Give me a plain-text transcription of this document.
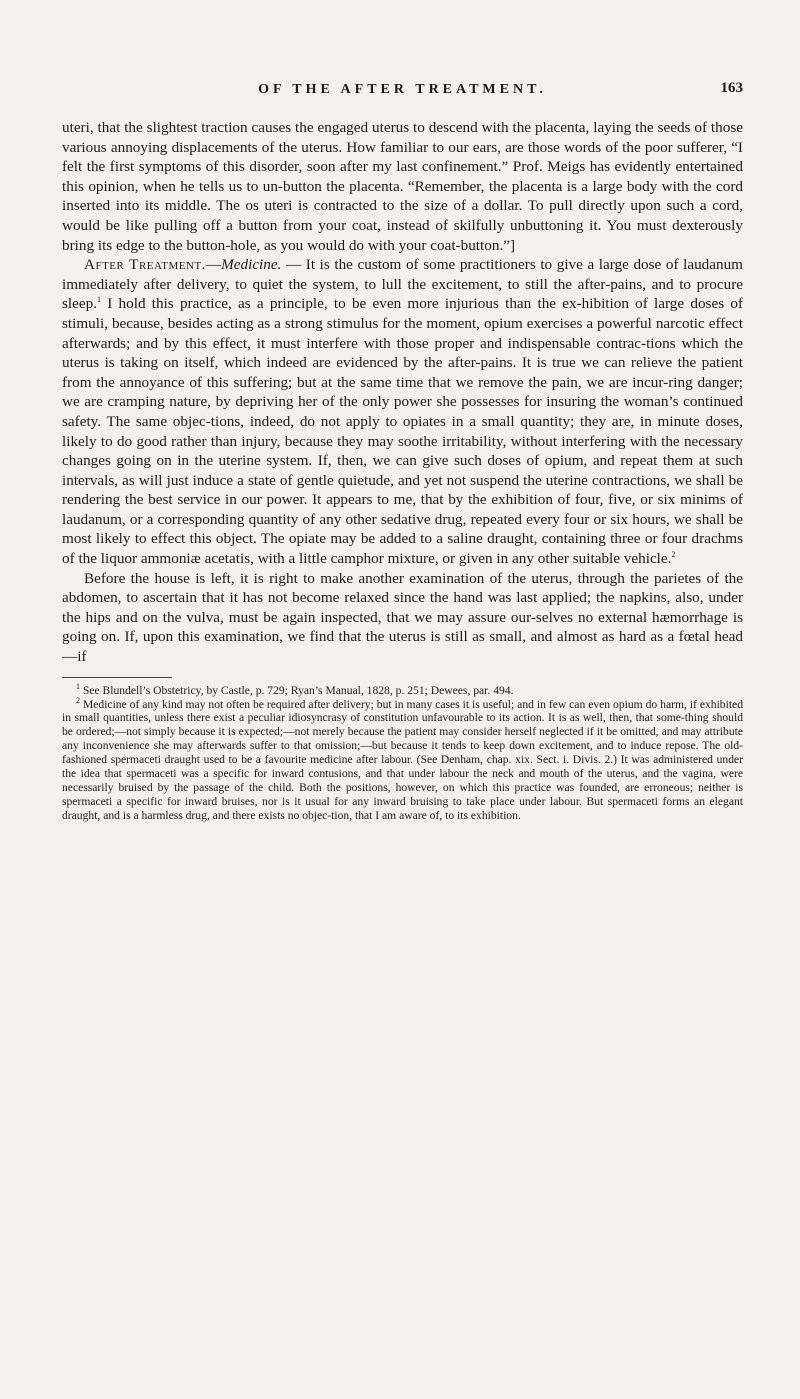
OF THE AFTER TREATMENT.	163

uteri, that the slightest traction causes the engaged uterus to descend with the placenta, laying the seeds of those various annoying displacements of the uterus. How familiar to our ears, are those words of the poor sufferer, “I felt the first symptoms of this disorder, soon after my last confinement.” Prof. Meigs has evidently entertained this opinion, when he tells us to un-button the placenta. “Remember, the placenta is a large body with the cord inserted into its middle. The os uteri is contracted to the size of a dollar. To pull directly upon such a cord, would be like pulling off a button from your coat, instead of skilfully unbuttoning it. You must dexterously bring its edge to the button-hole, as you would do with your coat-button.”]

After Treatment.—Medicine. — It is the custom of some practitioners to give a large dose of laudanum immediately after delivery, to quiet the system, to lull the excitement, to still the after-pains, and to procure sleep.$^1$ I hold this practice, as a principle, to be even more injurious than the ex-hibition of large doses of stimuli, because, besides acting as a strong stimulus for the moment, opium exercises a powerful narcotic effect afterwards; and by this effect, it must interfere with those proper and indispensable contrac-tions which the uterus is taking on itself, which indeed are evidenced by the after-pains. It is true we can relieve the patient from the annoyance of this suffering; but at the same time that we remove the pain, we are incur-ring danger; we are cramping nature, by depriving her of the only power she possesses for insuring the woman’s continued safety. The same objec-tions, indeed, do not apply to opiates in a small quantity; they are, in minute doses, likely to do good rather than injury, because they may soothe irritability, without interfering with the necessary changes going on in the uterine system. If, then, we can give such doses of opium, and repeat them at such intervals, as will just induce a state of gentle quietude, and yet not suspend the uterine contractions, we shall be rendering the best service in our power. It appears to me, that by the exhibition of four, five, or six minims of laudanum, or a corresponding quantity of any other sedative drug, repeated every four or six hours, we shall be most likely to effect this object. The opiate may be added to a saline draught, containing three or four drachms of the liquor ammoniæ acetatis, with a little camphor mixture, or given in any other suitable vehicle.$^2$

Before the house is left, it is right to make another examination of the uterus, through the parietes of the abdomen, to ascertain that it has not become relaxed since the hand was last applied; the napkins, also, under the hips and on the vulva, must be again inspected, that we may assure our-selves no external hæmorrhage is going on. If, upon this examination, we find that the uterus is still as small, and almost as hard as a fœtal head—if

$^1$ See Blundell’s Obstetricy, by Castle, p. 729; Ryan’s Manual, 1828, p. 251; Dewees, par. 494.

$^2$ Medicine of any kind may not often be required after delivery; but in many cases it is useful; and in few can even opium do harm, if exhibited in small quantities, unless there exist a peculiar idiosyncrasy of constitution unfavourable to its action. It is as well, then, that some-thing should be ordered;—not simply because it is expected;—not merely because the patient may consider herself neglected if it be omitted, and may attribute any inconvenience she may afterwards suffer to that omission;—but because it tends to keep down excitement, and to induce repose. The old-fashioned spermaceti draught used to be a favourite medicine after labour. (See Denham, chap. xix. Sect. i. Divis. 2.) It was administered under the idea that spermaceti was a specific for inward contusions, and that under labour the neck and mouth of the uterus, and the vagina, were necessarily bruised by the passage of the child. Both the positions, however, on which this practice was founded, are erroneous; neither is spermaceti a specific for inward bruises, nor is it usual for any inward bruising to take place under labour. But spermaceti forms an elegant draught, and is a harmless drug, and there exists no objec-tion, that I am aware of, to its exhibition.
